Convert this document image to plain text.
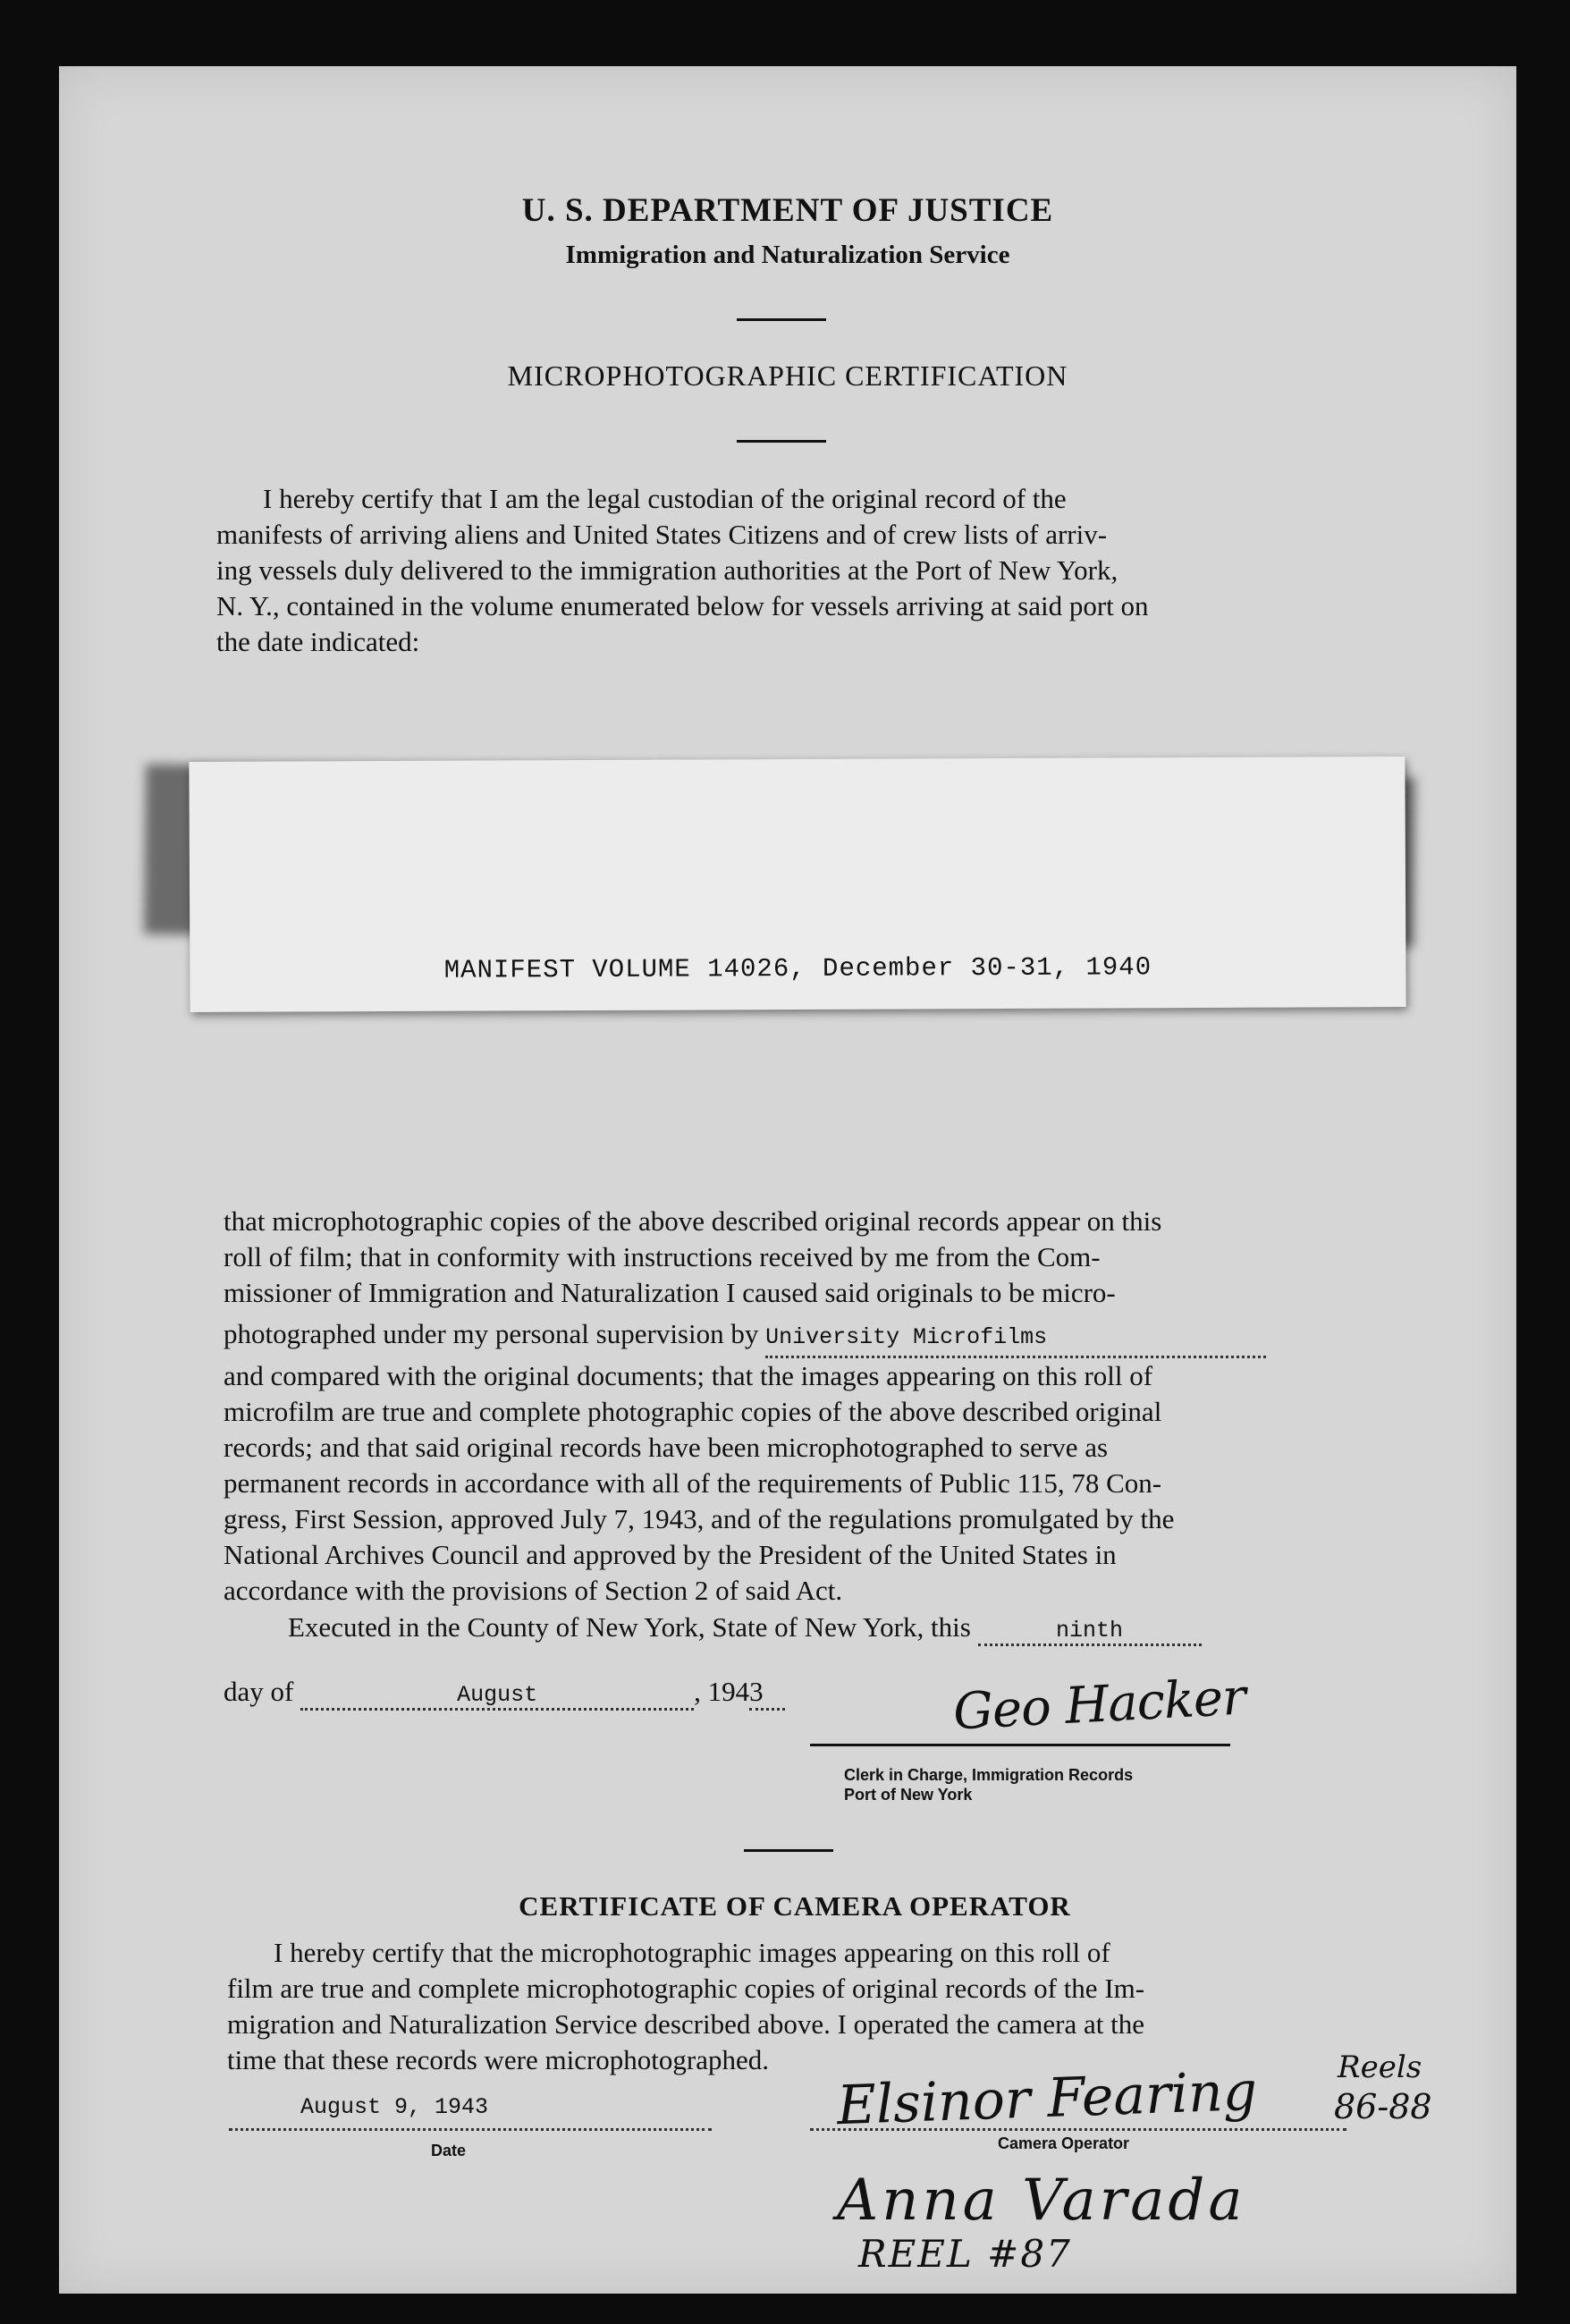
U. S. DEPARTMENT OF JUSTICE
Immigration and Naturalization Service
MICROPHOTOGRAPHIC CERTIFICATION
I hereby certify that I am the legal custodian of the original record of the
manifests of arriving aliens and United States Citizens and of crew lists of arriv-
ing vessels duly delivered to the immigration authorities at the Port of New York,
N. Y., contained in the volume enumerated below for vessels arriving at said port on
the date indicated:
MANIFEST VOLUME 14026, December 30-31, 1940
that microphotographic copies of the above described original records appear on this
roll of film; that in conformity with instructions received by me from the Com-
missioner of Immigration and Naturalization I caused said originals to be micro-
photographed under my personal supervision by University Microfilms
and compared with the original documents; that the images appearing on this roll of
microfilm are true and complete photographic copies of the above described original
records; and that said original records have been microphotographed to serve as
permanent records in accordance with all of the requirements of Public 115, 78 Con-
gress, First Session, approved July 7, 1943, and of the regulations promulgated by the
National Archives Council and approved by the President of the United States in
accordance with the provisions of Section 2 of said Act.
Executed in the County of New York, State of New York, this	ninth
day of	August	, 1943	Geo Hacker
Clerk in Charge, Immigration Records
Port of New York
CERTIFICATE OF CAMERA OPERATOR
I hereby certify that the microphotographic images appearing on this roll of
film are true and complete microphotographic copies of original records of the Im-
migration and Naturalization Service described above. I operated the camera at the
time that these records were microphotographed.
August 9, 1943
Date
Elsinor Fearing	Reels
86-88
Camera Operator
Anna Varada
REEL #87
